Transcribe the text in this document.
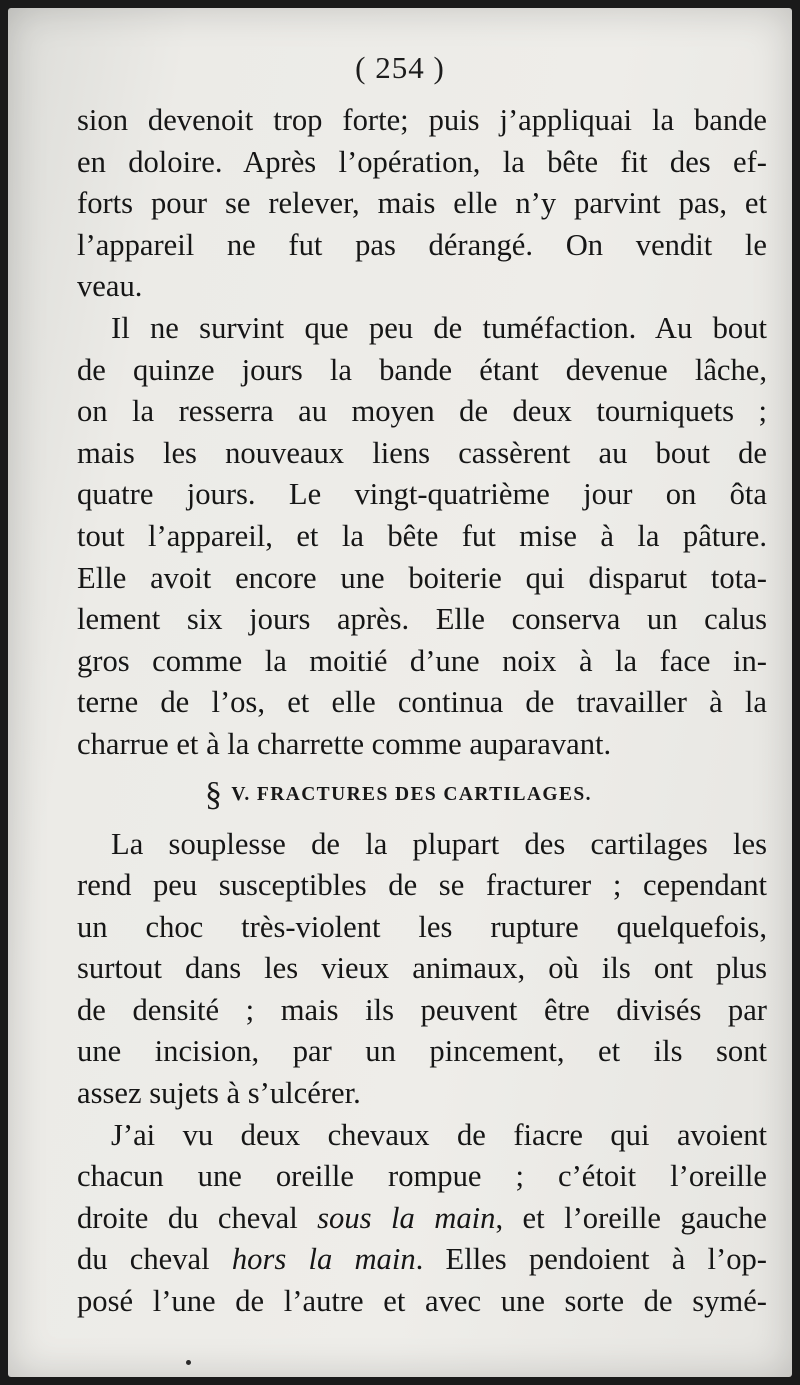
( 254 )
sion devenoit trop forte; puis j’appliquai la bande
en doloire. Après l’opération, la bête fit des ef-
forts pour se relever, mais elle n’y parvint pas, et
l’appareil ne fut pas dérangé. On vendit le
veau.
Il ne survint que peu de tuméfaction. Au bout
de quinze jours la bande étant devenue lâche,
on la resserra au moyen de deux tourniquets ;
mais les nouveaux liens cassèrent au bout de
quatre jours. Le vingt-quatrième jour on ôta
tout l’appareil, et la bête fut mise à la pâture.
Elle avoit encore une boiterie qui disparut tota-
lement six jours après. Elle conserva un calus
gros comme la moitié d’une noix à la face in-
terne de l’os, et elle continua de travailler à la
charrue et à la charrette comme auparavant.
§ V. FRACTURES DES CARTILAGES.
La souplesse de la plupart des cartilages les
rend peu susceptibles de se fracturer ; cependant
un choc très-violent les rupture quelquefois,
surtout dans les vieux animaux, où ils ont plus
de densité ; mais ils peuvent être divisés par
une incision, par un pincement, et ils sont
assez sujets à s’ulcérer.
J’ai vu deux chevaux de fiacre qui avoient
chacun une oreille rompue ; c’étoit l’oreille
droite du cheval sous la main, et l’oreille gauche
du cheval hors la main. Elles pendoient à l’op-
posé l’une de l’autre et avec une sorte de symé-
